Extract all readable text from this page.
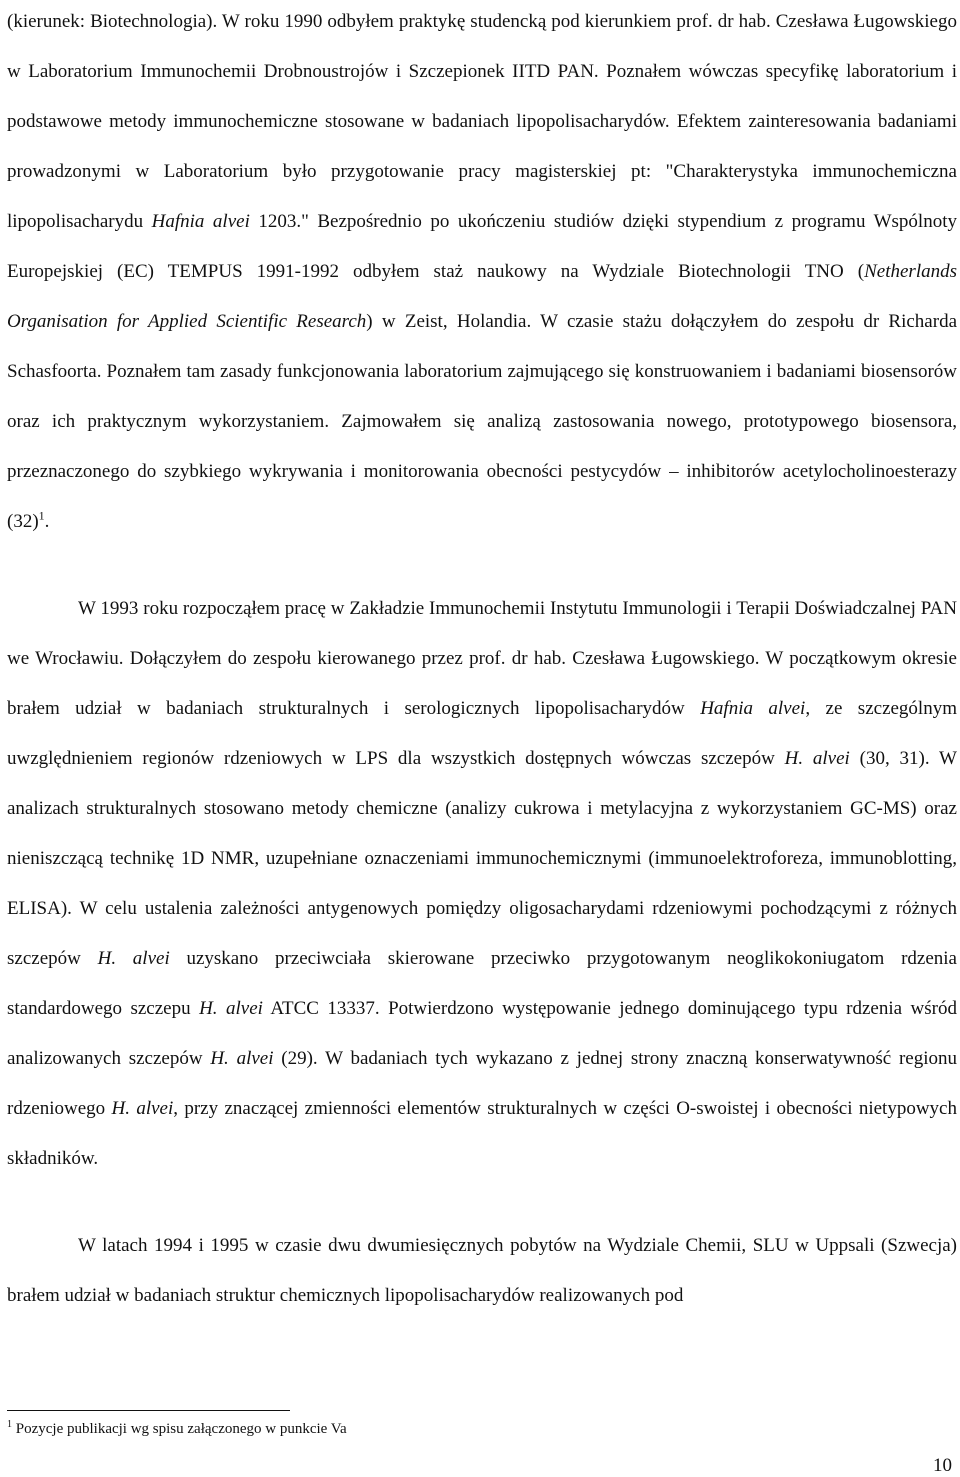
(kierunek: Biotechnologia). W roku 1990 odbyłem praktykę studencką pod kierunkiem prof. dr hab. Czesława Ługowskiego w Laboratorium Immunochemii Drobnoustrojów i Szczepionek IITD PAN. Poznałem wówczas specyfikę laboratorium i podstawowe metody immunochemiczne stosowane w badaniach lipopolisacharydów. Efektem zainteresowania badaniami prowadzonymi w Laboratorium było przygotowanie pracy magisterskiej pt: "Charakterystyka immunochemiczna lipopolisacharydu Hafnia alvei 1203." Bezpośrednio po ukończeniu studiów dzięki stypendium z programu Wspólnoty Europejskiej (EC) TEMPUS 1991-1992 odbyłem staż naukowy na Wydziale Biotechnologii TNO (Netherlands Organisation for Applied Scientific Research) w Zeist, Holandia. W czasie stażu dołączyłem do zespołu dr Richarda Schasfoorta. Poznałem tam zasady funkcjonowania laboratorium zajmującego się konstruowaniem i badaniami biosensorów oraz ich praktycznym wykorzystaniem. Zajmowałem się analizą zastosowania nowego, prototypowego biosensora, przeznaczonego do szybkiego wykrywania i monitorowania obecności pestycydów – inhibitorów acetylocholinoesterazy $(32)^1$.

W 1993 roku rozpocząłem pracę w Zakładzie Immunochemii Instytutu Immunologii i Terapii Doświadczalnej PAN we Wrocławiu. Dołączyłem do zespołu kierowanego przez prof. dr hab. Czesława Ługowskiego. W początkowym okresie brałem udział w badaniach strukturalnych i serologicznych lipopolisacharydów Hafnia alvei, ze szczególnym uwzględnieniem regionów rdzeniowych w LPS dla wszystkich dostępnych wówczas szczepów H. alvei (30, 31). W analizach strukturalnych stosowano metody chemiczne (analizy cukrowa i metylacyjna z wykorzystaniem GC-MS) oraz nieniszczącą technikę 1D NMR, uzupełniane oznaczeniami immunochemicznymi (immunoelektroforeza, immunoblotting, ELISA). W celu ustalenia zależności antygenowych pomiędzy oligosacharydami rdzeniowymi pochodzącymi z różnych szczepów H. alvei uzyskano przeciwciała skierowane przeciwko przygotowanym neoglikokoniugatom rdzenia standardowego szczepu H. alvei ATCC 13337. Potwierdzono występowanie jednego dominującego typu rdzenia wśród analizowanych szczepów H. alvei (29). W badaniach tych wykazano z jednej strony znaczną konserwatywność regionu rdzeniowego H. alvei, przy znaczącej zmienności elementów strukturalnych w części O-swoistej i obecności nietypowych składników.

W latach 1994 i 1995 w czasie dwu dwumiesięcznych pobytów na Wydziale Chemii, SLU w Uppsali (Szwecja) brałem udział w badaniach struktur chemicznych lipopolisacharydów realizowanych pod

$^1$ Pozycje publikacji wg spisu załączonego w punkcie Va
10
